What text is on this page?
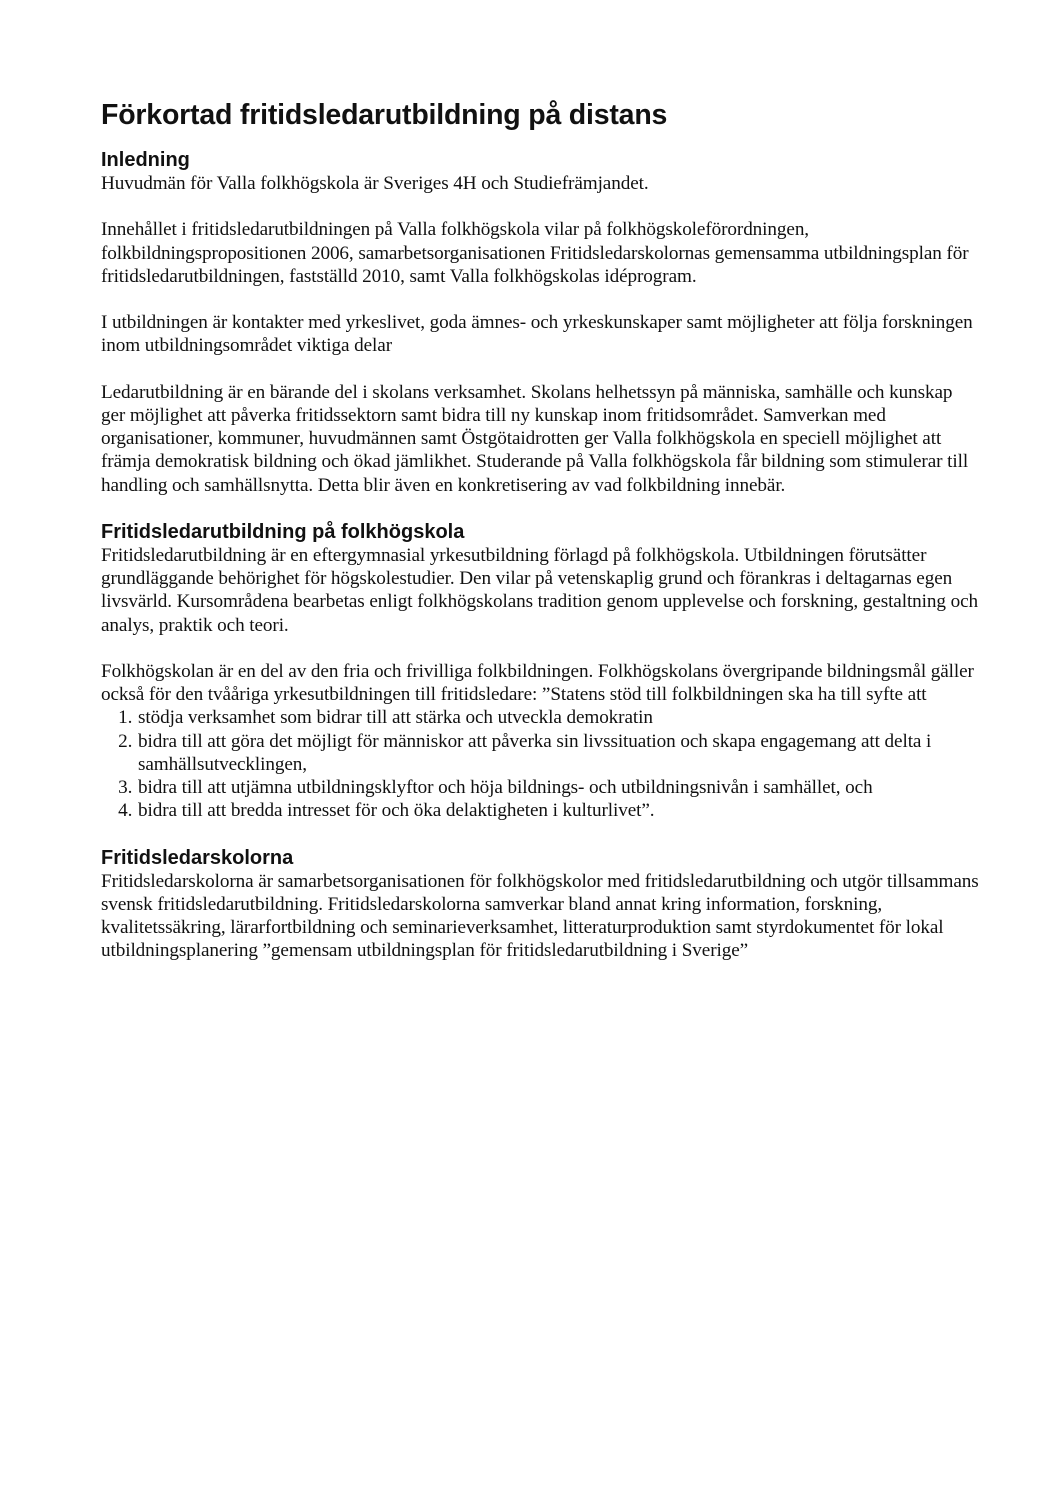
Förkortad fritidsledarutbildning på distans
Inledning

Huvudmän för Valla folkhögskola är Sveriges 4H och Studiefrämjandet.

Innehållet i fritidsledarutbildningen på Valla folkhögskola vilar på folkhögskoleförordningen, folkbildningspropositionen 2006, samarbetsorganisationen Fritidsledarskolornas gemensamma utbildningsplan för fritidsledarutbildningen, fastställd 2010, samt Valla folkhögskolas idéprogram.

I utbildningen är kontakter med yrkeslivet, goda ämnes- och yrkeskunskaper samt möjligheter att följa forskningen inom utbildningsområdet viktiga delar

Ledarutbildning är en bärande del i skolans verksamhet. Skolans helhetssyn på människa, samhälle och kunskap ger möjlighet att påverka fritidssektorn samt bidra till ny kunskap inom fritidsområdet. Samverkan med organisationer, kommuner, huvudmännen samt Östgötaidrotten ger Valla folkhögskola en speciell möjlighet att främja demokratisk bildning och ökad jämlikhet. Studerande på Valla folkhögskola får bildning som stimulerar till handling och samhällsnytta. Detta blir även en konkretisering av vad folkbildning innebär.

Fritidsledarutbildning på folkhögskola

Fritidsledarutbildning är en eftergymnasial yrkesutbildning förlagd på folkhögskola. Utbildningen förutsätter grundläggande behörighet för högskolestudier. Den vilar på vetenskaplig grund och förankras i deltagarnas egen livsvärld. Kursområdena bearbetas enligt folkhögskolans tradition genom upplevelse och forskning, gestaltning och analys, praktik och teori.

Folkhögskolan är en del av den fria och frivilliga folkbildningen. Folkhögskolans övergripande bildningsmål gäller också för den tvååriga yrkesutbildningen till fritidsledare: ”Statens stöd till folkbildningen ska ha till syfte att

1. stödja verksamhet som bidrar till att stärka och utveckla demokratin
2. bidra till att göra det möjligt för människor att påverka sin livssituation och skapa engagemang att delta i samhällsutvecklingen,
3. bidra till att utjämna utbildningsklyftor och höja bildnings- och utbildningsnivån i samhället, och
4. bidra till att bredda intresset för och öka delaktigheten i kulturlivet”.
Fritidsledarskolorna

Fritidsledarskolorna är samarbetsorganisationen för folkhögskolor med fritidsledarutbildning och utgör tillsammans svensk fritidsledarutbildning. Fritidsledarskolorna samverkar bland annat kring information, forskning, kvalitetssäkring, lärarfortbildning och seminarieverksamhet, litteraturproduktion samt styrdokumentet för lokal utbildningsplanering ”gemensam utbildningsplan för fritidsledarutbildning i Sverige”
